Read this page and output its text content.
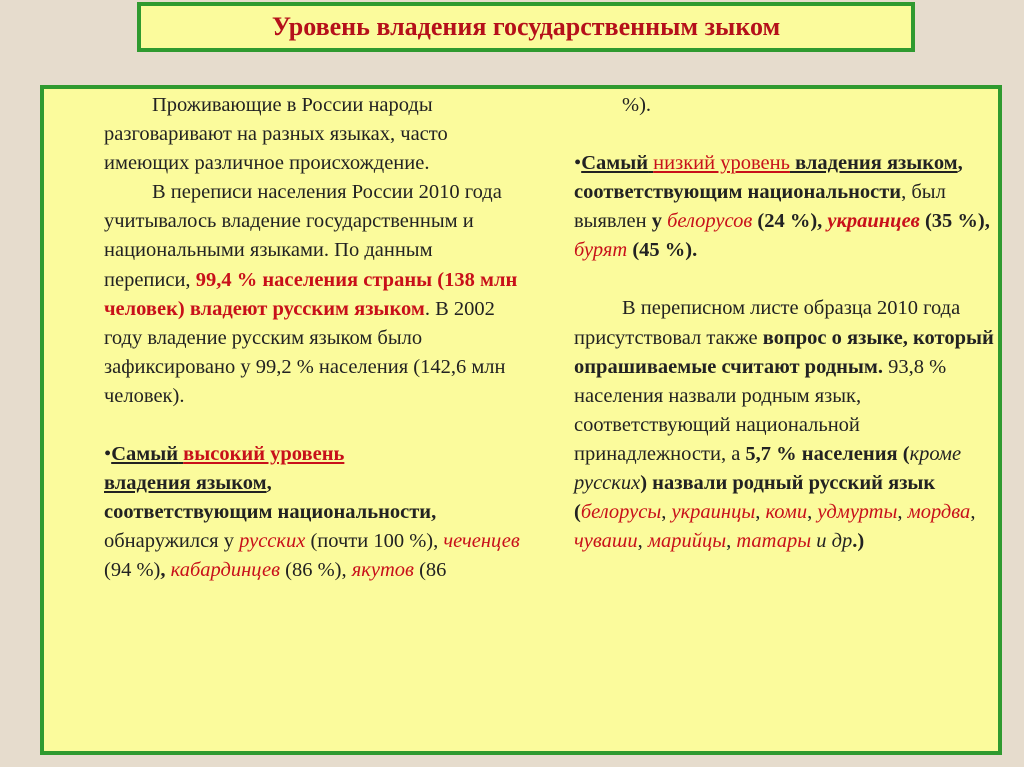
Уровень владения государственным зыком

Проживающие в России народы разговаривают на разных языках, часто имеющих различное происхождение.

В переписи населения России 2010 года учитывалось владение государственным и национальными языками. По данным переписи, 99,4 % населения страны (138 млн человек) владеют русским языком. В 2002 году владение русским языком было зафиксировано у 99,2 % населения (142,6 млн человек).

•Самый высокий уровень
владения языком,
соответствующим национальности, обнаружился у русских (почти 100 %), чеченцев (94 %), кабардинцев (86 %), якутов (86

%).

•Самый низкий уровень владения языком, соответствующим национальности, был выявлен у белорусов (24 %), украинцев (35 %), бурят (45 %).

В переписном листе образца 2010 года присутствовал также вопрос о языке, который опрашиваемые считают родным. 93,8 % населения назвали родным язык, соответствующий национальной принадлежности, а 5,7 % населения (кроме русских) назвали родный русский язык (белорусы, украинцы, коми, удмурты, мордва, чуваши, марийцы, татары и др.)
